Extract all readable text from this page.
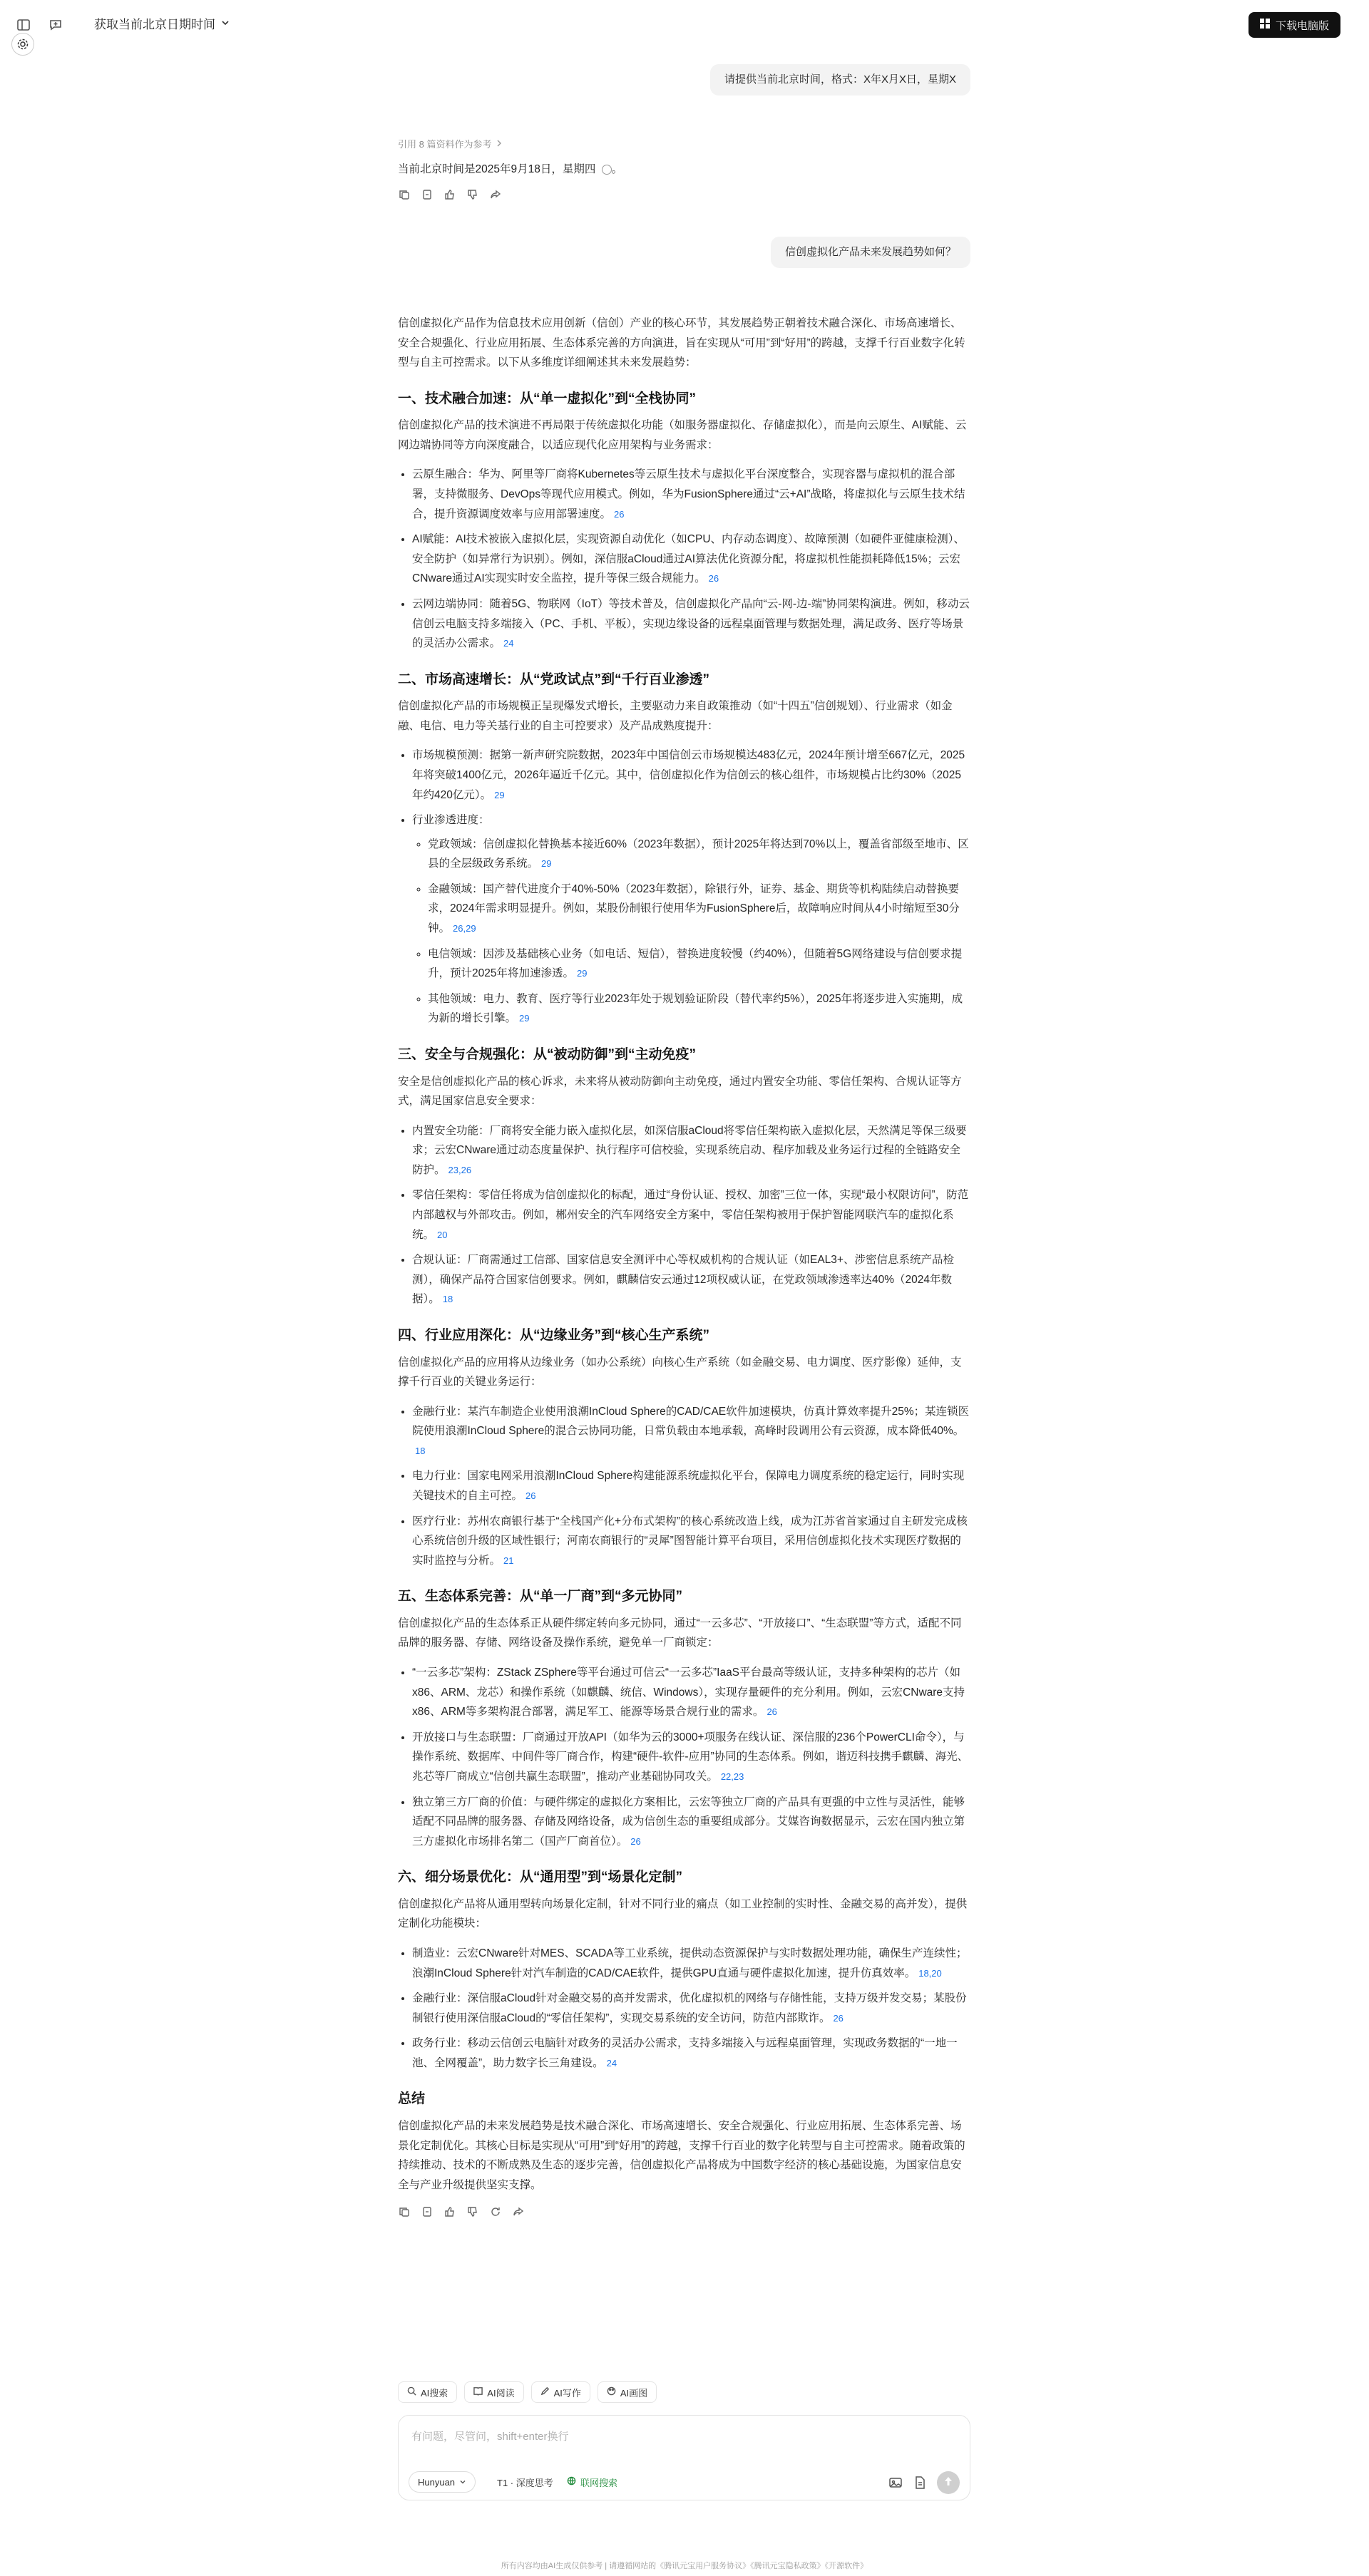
获取当前北京日期时间	下载电脑版
请提供当前北京时间，格式：X年X月X日，星期X
引用 8 篇资料作为参考
当前北京时间是2025年9月18日，星期四 。
信创虚拟化产品未来发展趋势如何？

信创虚拟化产品作为信息技术应用创新（信创）产业的核心环节，其发展趋势正朝着技术融合深化、市场高速增长、安全合规强化、行业应用拓展、生态体系完善的方向演进，旨在实现从“可用”到“好用”的跨越，支撑千行百业数字化转型与自主可控需求。以下从多维度详细阐述其未来发展趋势：

一、技术融合加速：从“单一虚拟化”到“全栈协同”

信创虚拟化产品的技术演进不再局限于传统虚拟化功能（如服务器虚拟化、存储虚拟化），而是向云原生、AI赋能、云网边端协同等方向深度融合，以适应现代化应用架构与业务需求：

• 云原生融合：华为、阿里等厂商将Kubernetes等云原生技术与虚拟化平台深度整合，实现容器与虚拟机的混合部署，支持微服务、DevOps等现代应用模式。例如，华为FusionSphere通过“云+AI”战略，将虚拟化与云原生技术结合，提升资源调度效率与应用部署速度。 26
• AI赋能：AI技术被嵌入虚拟化层，实现资源自动优化（如CPU、内存动态调度）、故障预测（如硬件亚健康检测）、安全防护（如异常行为识别）。例如，深信服aCloud通过AI算法优化资源分配，将虚拟机性能损耗降低15%；云宏CNware通过AI实现实时安全监控，提升等保三级合规能力。 26
• 云网边端协同：随着5G、物联网（IoT）等技术普及，信创虚拟化产品向“云-网-边-端”协同架构演进。例如，移动云信创云电脑支持多端接入（PC、手机、平板），实现边缘设备的远程桌面管理与数据处理，满足政务、医疗等场景的灵活办公需求。 24
二、市场高速增长：从“党政试点”到“千行百业渗透”

信创虚拟化产品的市场规模正呈现爆发式增长，主要驱动力来自政策推动（如“十四五”信创规划）、行业需求（如金融、电信、电力等关基行业的自主可控要求）及产品成熟度提升：

• 市场规模预测：据第一新声研究院数据，2023年中国信创云市场规模达483亿元，2024年预计增至667亿元，2025年将突破1400亿元，2026年逼近千亿元。其中，信创虚拟化作为信创云的核心组件，市场规模占比约30%（2025年约420亿元）。 29
• 行业渗透进度：
◦ 党政领域：信创虚拟化替换基本接近60%（2023年数据），预计2025年将达到70%以上，覆盖省部级至地市、区县的全层级政务系统。 29
◦ 金融领域：国产替代进度介于40%-50%（2023年数据），除银行外，证券、基金、期货等机构陆续启动替换要求，2024年需求明显提升。例如，某股份制银行使用华为FusionSphere后，故障响应时间从4小时缩短至30分钟。 26,29
◦ 电信领域：因涉及基础核心业务（如电话、短信），替换进度较慢（约40%），但随着5G网络建设与信创要求提升，预计2025年将加速渗透。 29
◦ 其他领域：电力、教育、医疗等行业2023年处于规划验证阶段（替代率约5%），2025年将逐步进入实施期，成为新的增长引擎。 29
三、安全与合规强化：从“被动防御”到“主动免疫”

安全是信创虚拟化产品的核心诉求，未来将从被动防御向主动免疫，通过内置安全功能、零信任架构、合规认证等方式，满足国家信息安全要求：

• 内置安全功能：厂商将安全能力嵌入虚拟化层，如深信服aCloud将零信任架构嵌入虚拟化层，天然满足等保三级要求；云宏CNware通过动态度量保护、执行程序可信校验，实现系统启动、程序加载及业务运行过程的全链路安全防护。 23,26
• 零信任架构：零信任将成为信创虚拟化的标配，通过“身份认证、授权、加密”三位一体，实现“最小权限访问”，防范内部越权与外部攻击。例如，郴州安全的汽车网络安全方案中，零信任架构被用于保护智能网联汽车的虚拟化系统。 20
• 合规认证：厂商需通过工信部、国家信息安全测评中心等权威机构的合规认证（如EAL3+、涉密信息系统产品检测），确保产品符合国家信创要求。例如，麒麟信安云通过12项权威认证，在党政领域渗透率达40%（2024年数据）。 18
四、行业应用深化：从“边缘业务”到“核心生产系统”

信创虚拟化产品的应用将从边缘业务（如办公系统）向核心生产系统（如金融交易、电力调度、医疗影像）延伸，支撑千行百业的关键业务运行：

• 金融行业：某汽车制造企业使用浪潮InCloud Sphere的CAD/CAE软件加速模块，仿真计算效率提升25%；某连锁医院使用浪潮InCloud Sphere的混合云协同功能，日常负载由本地承载，高峰时段调用公有云资源，成本降低40%。18
• 电力行业：国家电网采用浪潮InCloud Sphere构建能源系统虚拟化平台，保障电力调度系统的稳定运行，同时实现关键技术的自主可控。 26
• 医疗行业：苏州农商银行基于“全栈国产化+分布式架构”的核心系统改造上线，成为江苏省首家通过自主研发完成核心系统信创升级的区域性银行；河南农商银行的“灵犀”图智能计算平台项目，采用信创虚拟化技术实现医疗数据的实时监控与分析。 21
五、生态体系完善：从“单一厂商”到“多元协同”

信创虚拟化产品的生态体系正从硬件绑定转向多元协同，通过“一云多芯”、“开放接口”、“生态联盟”等方式，适配不同品牌的服务器、存储、网络设备及操作系统，避免单一厂商锁定：

• “一云多芯”架构：ZStack ZSphere等平台通过可信云“一云多芯”IaaS平台最高等级认证，支持多种架构的芯片（如x86、ARM、龙芯）和操作系统（如麒麟、统信、Windows），实现存量硬件的充分利用。例如，云宏CNware支持x86、ARM等多架构混合部署，满足军工、能源等场景合规行业的需求。 26
• 开放接口与生态联盟：厂商通过开放API（如华为云的3000+项服务在线认证、深信服的236个PowerCLI命令），与操作系统、数据库、中间件等厂商合作，构建“硬件-软件-应用”协同的生态体系。例如，谐迈科技携手麒麟、海光、兆芯等厂商成立“信创共赢生态联盟”，推动产业基础协同攻关。 22,23
• 独立第三方厂商的价值：与硬件绑定的虚拟化方案相比，云宏等独立厂商的产品具有更强的中立性与灵活性，能够适配不同品牌的服务器、存储及网络设备，成为信创生态的重要组成部分。艾媒咨询数据显示，云宏在国内独立第三方虚拟化市场排名第二（国产厂商首位）。 26
六、细分场景优化：从“通用型”到“场景化定制”

信创虚拟化产品将从通用型转向场景化定制，针对不同行业的痛点（如工业控制的实时性、金融交易的高并发），提供定制化功能模块：

• 制造业：云宏CNware针对MES、SCADA等工业系统，提供动态资源保护与实时数据处理功能，确保生产连续性；浪潮InCloud Sphere针对汽车制造的CAD/CAE软件，提供GPU直通与硬件虚拟化加速，提升仿真效率。 18,20
• 金融行业：深信服aCloud针对金融交易的高并发需求，优化虚拟机的网络与存储性能，支持万级并发交易；某股份制银行使用深信服aCloud的“零信任架构”，实现交易系统的安全访问，防范内部欺诈。 26
• 政务行业：移动云信创云电脑针对政务的灵活办公需求，支持多端接入与远程桌面管理，实现政务数据的“一地一池、全网覆盖”，助力数字长三角建设。 24
总结

信创虚拟化产品的未来发展趋势是技术融合深化、市场高速增长、安全合规强化、行业应用拓展、生态体系完善、场景化定制优化。其核心目标是实现从“可用”到“好用”的跨越，支撑千行百业的数字化转型与自主可控需求。随着政策的持续推动、技术的不断成熟及生态的逐步完善，信创虚拟化产品将成为中国数字经济的核心基础设施，为国家信息安全与产业升级提供坚实支撑。

AI搜索	AI阅读	AI写作	AI画图
有问题，尽管问，shift+enter换行
Hunyuan	T1 · 深度思考	联网搜索
所有内容均由AI生成仅供参考 | 请遵循网站的《腾讯元宝用户服务协议》《腾讯元宝隐私政策》《开源软件》
